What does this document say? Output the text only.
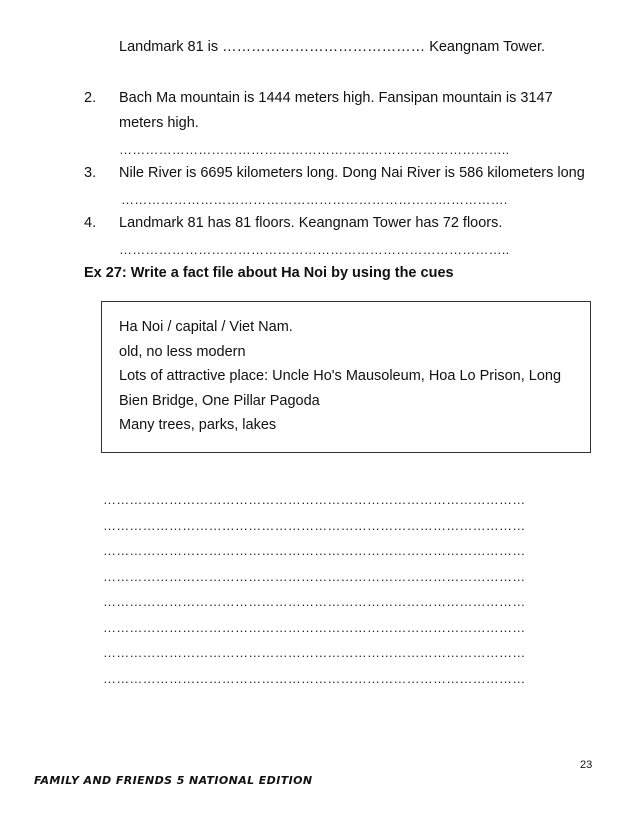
Landmark 81 is …………………………………… Keangnam Tower.
2. Bach Ma mountain is 1444 meters high. Fansipan mountain is 3147
meters high.
……………………………………………………………………………..
3. Nile River is 6695 kilometers long. Dong Nai River is 586 kilometers long
…………………………………………………………………………….
4. Landmark 81 has 81 floors. Keangnam Tower has 72 floors.
……………………………………………………………………………..
Ex 27: Write a fact file about Ha Noi by using the cues
Ha Noi / capital / Viet Nam.
old, no less modern
Lots of attractive place: Uncle Ho's Mausoleum, Hoa Lo Prison, Long
Bien Bridge, One Pillar Pagoda
Many trees, parks, lakes
……………………………………………………………………………………
……………………………………………………………………………………
……………………………………………………………………………………
……………………………………………………………………………………
……………………………………………………………………………………
……………………………………………………………………………………
……………………………………………………………………………………
……………………………………………………………………………………
23
FAMILY AND FRIENDS 5 NATIONAL EDITION
